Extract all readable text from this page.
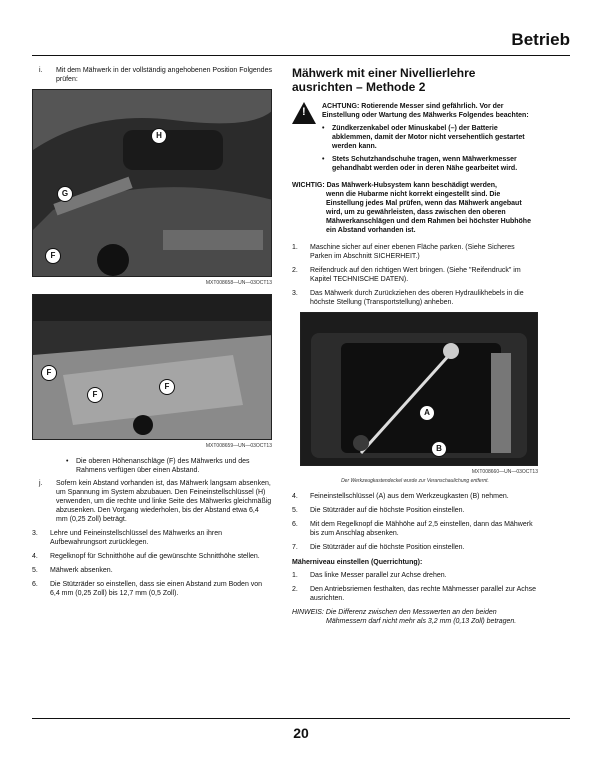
Betrieb
i. Mit dem Mähwerk in der vollständig angehobenen Position Folgendes prüfen:
H
G
F
MXT008658—UN—03OCT13
F
F
F
MXT008659—UN—03OCT13
• Die oberen Höhenanschläge (F) des Mähwerks und des Rahmens verfügen über einen Abstand.
j. Sofern kein Abstand vorhanden ist, das Mähwerk langsam absenken, um Spannung im System abzubauen. Den Feineinstellschlüssel (H) verwenden, um die rechte und linke Seite des Mähwerks gleichmäßig abzusenken. Den Vorgang wiederholen, bis der Abstand etwa 6,4 mm (0,25 Zoll) beträgt.
3. Lehre und Feineinstellschlüssel des Mähwerks an ihren Aufbewahrungsort zurücklegen.
4. Regelknopf für Schnitthöhe auf die gewünschte Schnitthöhe stellen.
5. Mähwerk absenken.
6. Die Stützräder so einstellen, dass sie einen Abstand zum Boden von 6,4 mm (0,25 Zoll) bis 12,7 mm (0,5 Zoll).
Mähwerk mit einer Nivellierlehre ausrichten – Methode 2
! ACHTUNG: Rotierende Messer sind gefährlich. Vor der Einstellung oder Wartung des Mähwerks Folgendes beachten:
• Zündkerzenkabel oder Minuskabel (–) der Batterie abklemmen, damit der Motor nicht versehentlich gestartet werden kann.
• Stets Schutzhandschuhe tragen, wenn Mähwerkmesser gehandhabt werden oder in deren Nähe gearbeitet wird.
WICHTIG: Das Mähwerk-Hubsystem kann beschädigt werden,
wenn die Hubarme nicht korrekt eingestellt sind. Die Einstellung jedes Mal prüfen, wenn das Mähwerk angebaut wird, um zu gewährleisten, dass zwischen den oberen Mähwerkanschlägen und dem Rahmen bei höchster Hubhöhe ein Abstand vorhanden ist.
1. Maschine sicher auf einer ebenen Fläche parken. (Siehe Sicheres Parken im Abschnitt SICHERHEIT.)
2. Reifendruck auf den richtigen Wert bringen. (Siehe "Reifendruck" im Kapitel TECHNISCHE DATEN).
3. Das Mähwerk durch Zurückziehen des oberen Hydraulikhebels in die höchste Stellung (Transportstellung) anheben.
A
B
MXT008660—UN—03OCT13
Der Werkzeugkastendeckel wurde zur Veranschaulichung entfernt.
4. Feineinstellschlüssel (A) aus dem Werkzeugkasten (B) nehmen.
5. Die Stützräder auf die höchste Position einstellen.
6. Mit dem Regelknopf die Mähhöhe auf 2,5 einstellen, dann das Mähwerk bis zum Anschlag absenken.
7. Die Stützräder auf die höchste Position einstellen.
Mäherniveau einstellen (Querrichtung):
1. Das linke Messer parallel zur Achse drehen.
2. Den Antriebsriemen festhalten, das rechte Mähmesser parallel zur Achse ausrichten.
HINWEIS: Die Differenz zwischen den Messwerten an den beiden
Mähmessern darf nicht mehr als 3,2 mm (0,13 Zoll) betragen.
20
